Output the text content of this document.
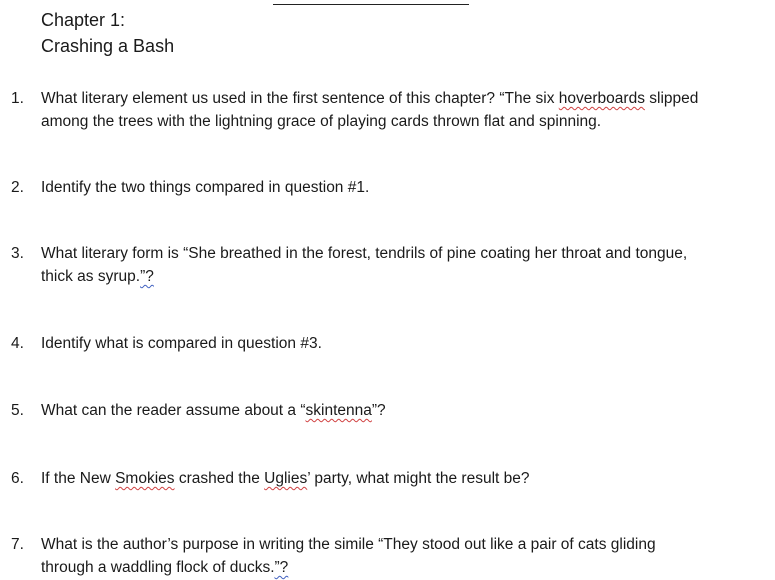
Chapter 1:
Crashing a Bash
1. What literary element us used in the first sentence of this chapter? “The six hoverboards slipped
among the trees with the lightning grace of playing cards thrown flat and spinning.
2. Identify the two things compared in question #1.
3. What literary form is “She breathed in the forest, tendrils of pine coating her throat and tongue,
thick as syrup.”?
4. Identify what is compared in question #3.
5. What can the reader assume about a “skintenna”?
6. If the New Smokies crashed the Uglies’ party, what might the result be?
7. What is the author’s purpose in writing the simile “They stood out like a pair of cats gliding
through a waddling flock of ducks.”?
